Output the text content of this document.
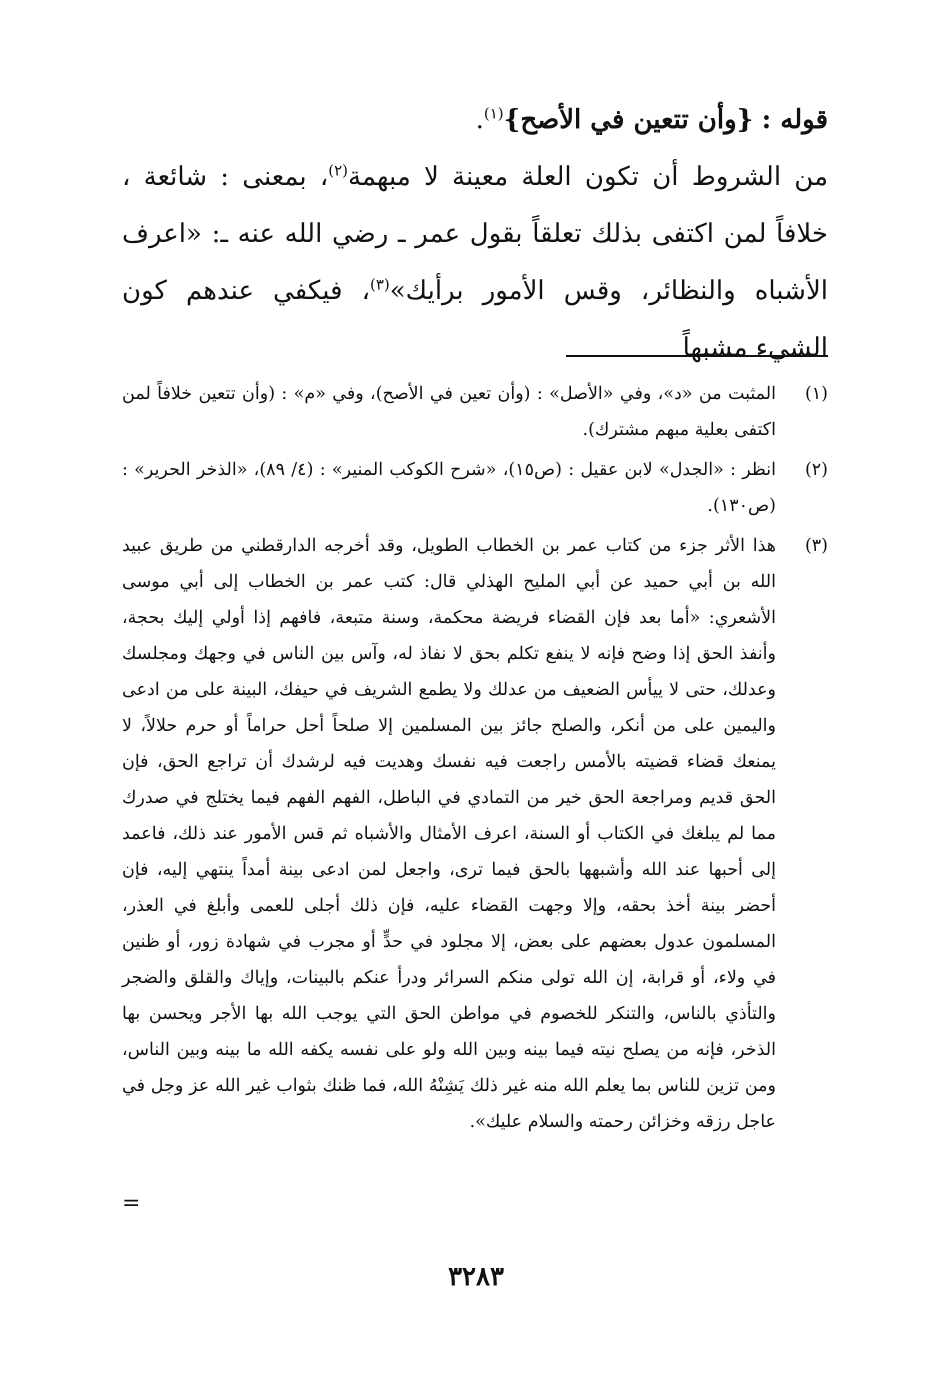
قوله : {وأن تتعين في الأصح}$^{(١)}$.
من الشروط أن تكون العلة معينة لا مبهمة$^{(٢)}$، بمعنى : شائعة ، خلافاً لمن اكتفى بذلك تعلقاً بقول عمر ـ رضي الله عنه ـ: «اعرف الأشباه والنظائر، وقس الأمور برأيك»$^{(٣)}$، فيكفي عندهم كون الشيء مشبهاً
(١)
المثبت من «د»، وفي «الأصل» : (وأن تعين في الأصح)، وفي «م» : (وأن تتعين خلافاً لمن اكتفى بعلية مبهم مشترك).
(٢)
انظر : «الجدل» لابن عقيل : (ص١٥)، «شرح الكوكب المنير» : (٤/ ٨٩)، «الذخر الحرير» : (ص١٣٠).
(٣)
هذا الأثر جزء من كتاب عمر بن الخطاب الطويل، وقد أخرجه الدارقطني من طريق عبيد الله بن أبي حميد عن أبي المليح الهذلي قال: كتب عمر بن الخطاب إلى أبي موسى الأشعري: «أما بعد فإن القضاء فريضة محكمة، وسنة متبعة، فافهم إذا أولي إليك بحجة، وأنفذ الحق إذا وضح فإنه لا ينفع تكلم بحق لا نفاذ له، وآس بين الناس في وجهك ومجلسك وعدلك، حتى لا ييأس الضعيف من عدلك ولا يطمع الشريف في حيفك، البينة على من ادعى واليمين على من أنكر، والصلح جائز بين المسلمين إلا صلحاً أحل حراماً أو حرم حلالاً، لا يمنعك قضاء قضيته بالأمس راجعت فيه نفسك وهديت فيه لرشدك أن تراجع الحق، فإن الحق قديم ومراجعة الحق خير من التمادي في الباطل، الفهم الفهم فيما يختلج في صدرك مما لم يبلغك في الكتاب أو السنة، اعرف الأمثال والأشباه ثم قس الأمور عند ذلك، فاعمد إلى أحبها عند الله وأشبهها بالحق فيما ترى، واجعل لمن ادعى بينة أمداً ينتهي إليه، فإن أحضر بينة أخذ بحقه، وإلا وجهت القضاء عليه، فإن ذلك أجلى للعمى وأبلغ في العذر، المسلمون عدول بعضهم على بعض، إلا مجلود في حدٍّ أو مجرب في شهادة زور، أو ظنين في ولاء، أو قرابة، إن الله تولى منكم السرائر ودرأ عنكم بالبينات، وإياك والقلق والضجر والتأذي بالناس، والتنكر للخصوم في مواطن الحق التي يوجب الله بها الأجر ويحسن بها الذخر، فإنه من يصلح نيته فيما بينه وبين الله ولو على نفسه يكفه الله ما بينه وبين الناس، ومن تزين للناس بما يعلم الله منه غير ذلك يَشِنْهُ الله، فما ظنك بثواب غير الله عز وجل في عاجل رزقه وخزائن رحمته والسلام عليك».
=
٣٢٨٣
